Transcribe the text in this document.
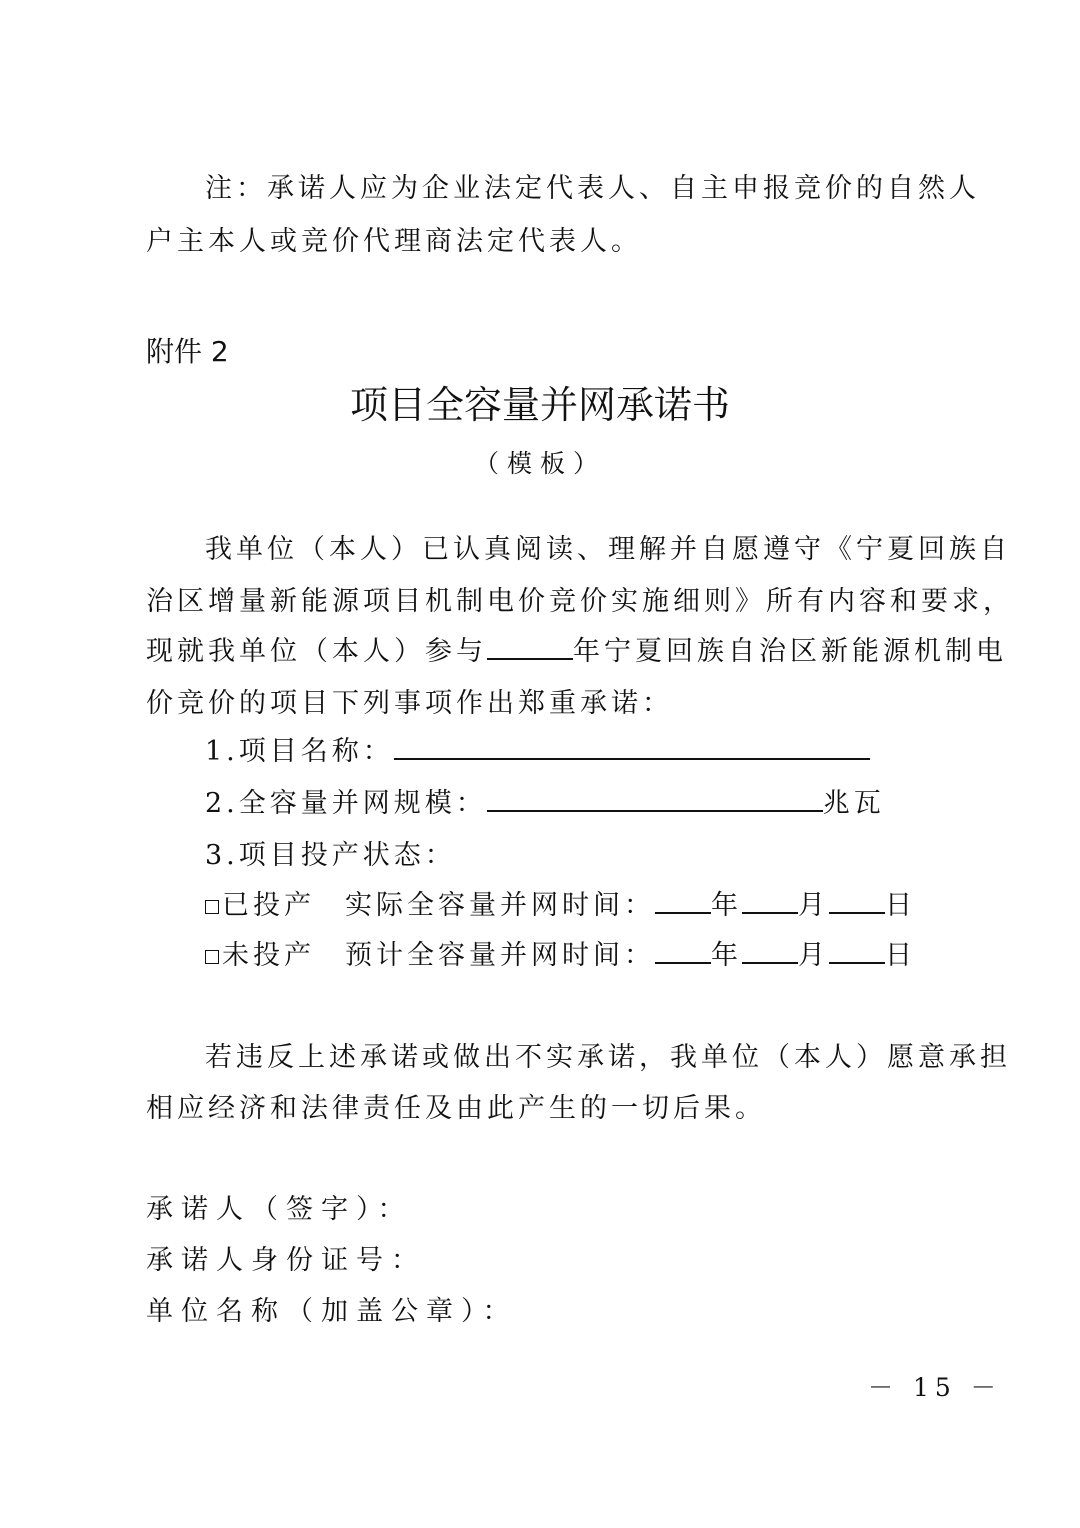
注：承诺人应为企业法定代表人、自主申报竞价的自然人
户主本人或竞价代理商法定代表人。
附件 2
项目全容量并网承诺书
（模板）
我单位（本人）已认真阅读、理解并自愿遵守《宁夏回族自
治区增量新能源项目机制电价竞价实施细则》所有内容和要求，
现就我单位（本人）参与	年宁夏回族自治区新能源机制电
价竞价的项目下列事项作出郑重承诺：
1.项目名称：
2.全容量并网规模：	兆瓦
3.项目投产状态：
已投产 实际全容量并网时间： 年 月 日
未投产 预计全容量并网时间： 年 月 日
若违反上述承诺或做出不实承诺，我单位（本人）愿意承担
相应经济和法律责任及由此产生的一切后果。
承诺人（签字）：
承诺人身份证号：
单位名称（加盖公章）：
－ 15 －
